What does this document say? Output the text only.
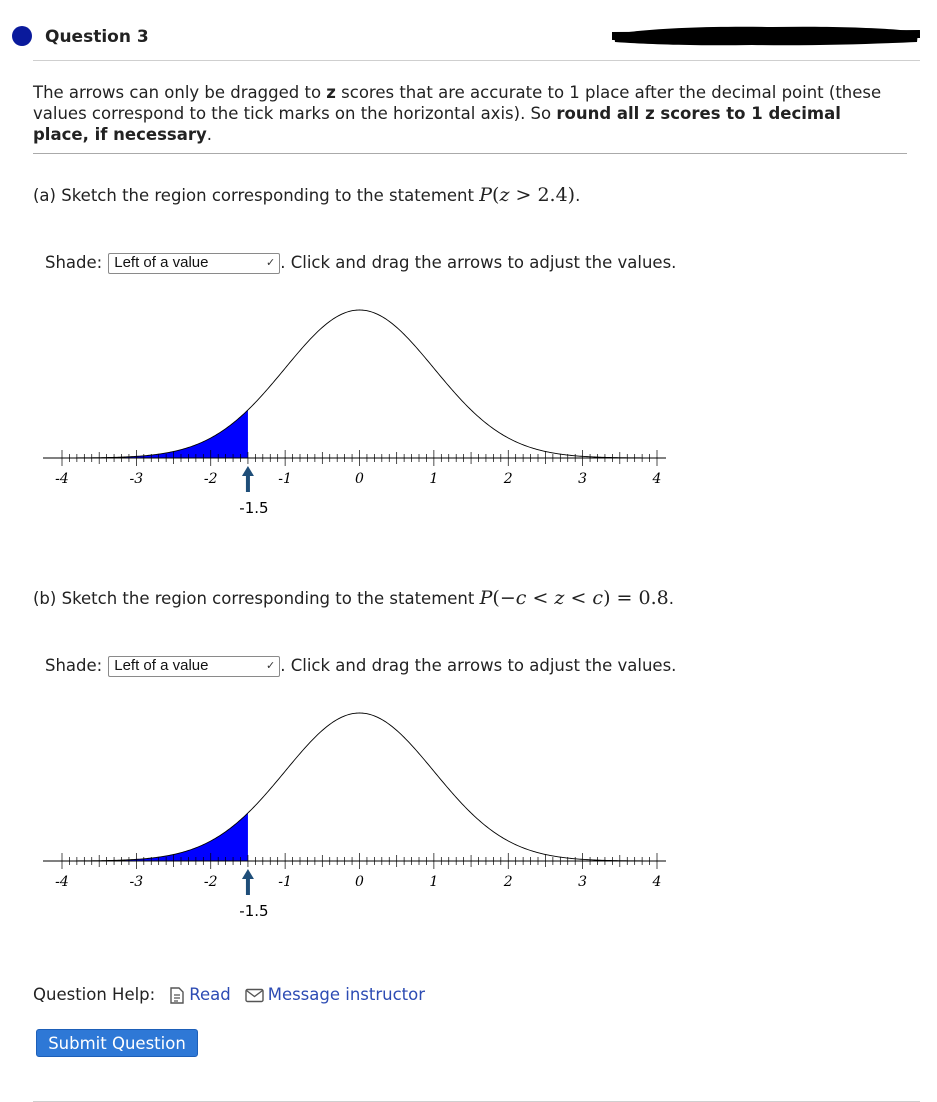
Question 3
The arrows can only be dragged to z scores that are accurate to 1 place after the decimal point (these values correspond to the tick marks on the horizontal axis). So round all z scores to 1 decimal place, if necessary.
(a) Sketch the region corresponding to the statement P(z > 2.4).
Shade: Left of a value	✓ . Click and drag the arrows to adjust the values.
-4	-3	-2	-1	0	1	2	3	4
-1.5
(b) Sketch the region corresponding to the statement P(−c < z < c) = 0.8.
Shade: Left of a value	✓ . Click and drag the arrows to adjust the values.
-4	-3	-2	-1	0	1	2	3	4
-1.5
Question Help: Read Message instructor
Submit Question
